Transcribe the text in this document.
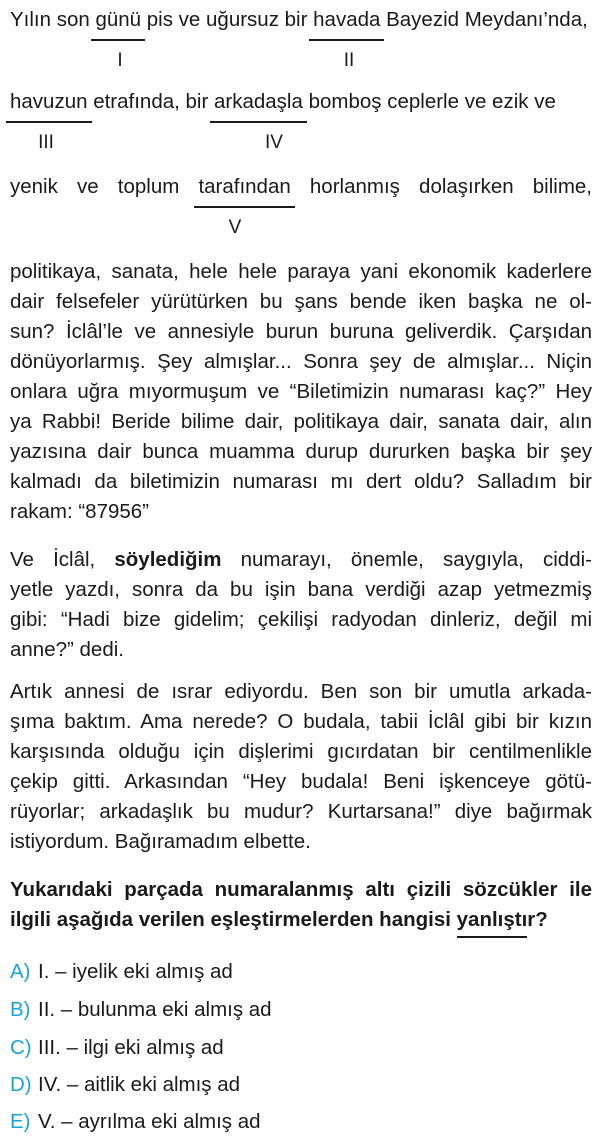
Yılın son günü pis ve uğursuz bir havada Bayezid Meydanı’nda,
I	II
havuzun etrafında, bir arkadaşla bomboş ceplerle ve ezik ve
III	IV
yenik ve toplum tarafından horlanmış dolaşırken bilime,
V
politikaya, sanata, hele hele paraya yani ekonomik kaderlere
dair felsefeler yürütürken bu şans bende iken başka ne ol-
sun? İclâl’le ve annesiyle burun buruna geliverdik. Çarşıdan
dönüyorlarmış. Şey almışlar... Sonra şey de almışlar... Niçin
onlara uğra mıyormuşum ve “Biletimizin numarası kaç?” Hey
ya Rabbi! Beride bilime dair, politikaya dair, sanata dair, alın
yazısına dair bunca muamma durup dururken başka bir şey
kalmadı da biletimizin numarası mı dert oldu? Salladım bir
rakam: “87956”
Ve İclâl, söylediğim numarayı, önemle, saygıyla, ciddi-
yetle yazdı, sonra da bu işin bana verdiği azap yetmezmiş
gibi: “Hadi bize gidelim; çekilişi radyodan dinleriz, değil mi
anne?” dedi.
Artık annesi de ısrar ediyordu. Ben son bir umutla arkada-
şıma baktım. Ama nerede? O budala, tabii İclâl gibi bir kızın
karşısında olduğu için dişlerimi gıcırdatan bir centilmenlikle
çekip gitti. Arkasından “Hey budala! Beni işkenceye götü-
rüyorlar; arkadaşlık bu mudur? Kurtarsana!” diye bağırmak
istiyordum. Bağıramadım elbette.
Yukarıdaki parçada numaralanmış altı çizili sözcükler ile
ilgili aşağıda verilen eşleştirmelerden hangisi yanlıştır?
A) I. – iyelik eki almış ad
B) II. – bulunma eki almış ad
C) III. – ilgi eki almış ad
D) IV. – aitlik eki almış ad
E) V. – ayrılma eki almış ad
